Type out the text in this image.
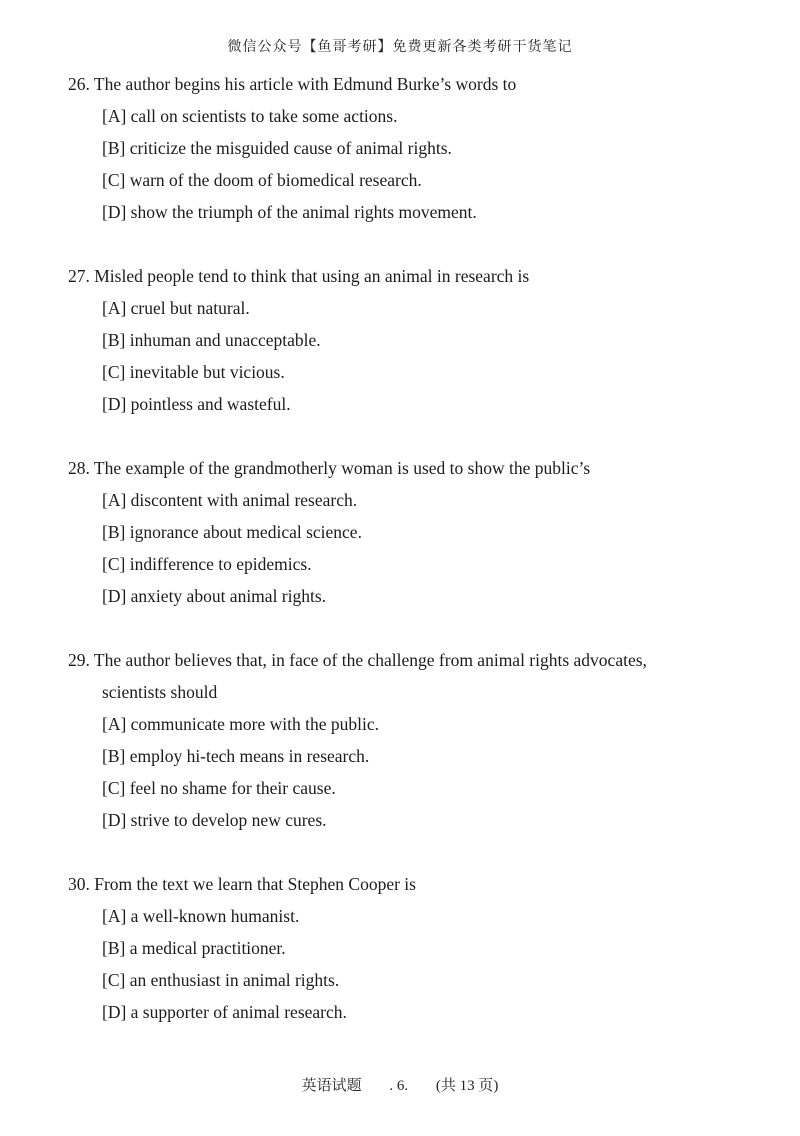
微信公众号【鱼哥考研】免费更新各类考研干货笔记

26. The author begins his article with Edmund Burke’s words to

[A] call on scientists to take some actions.

[B] criticize the misguided cause of animal rights.

[C] warn of the doom of biomedical research.

[D] show the triumph of the animal rights movement.

27. Misled people tend to think that using an animal in research is

[A] cruel but natural.

[B] inhuman and unacceptable.

[C] inevitable but vicious.

[D] pointless and wasteful.

28. The example of the grandmotherly woman is used to show the public’s

[A] discontent with animal research.

[B] ignorance about medical science.

[C] indifference to epidemics.

[D] anxiety about animal rights.

29. The author believes that, in face of the challenge from animal rights advocates,

scientists should

[A] communicate more with the public.

[B] employ hi-tech means in research.

[C] feel no shame for their cause.

[D] strive to develop new cures.

30. From the text we learn that Stephen Cooper is

[A] a well-known humanist.

[B] a medical practitioner.

[C] an enthusiast in animal rights.

[D] a supporter of animal research.

英语试题 . 6. (共 13 页)
